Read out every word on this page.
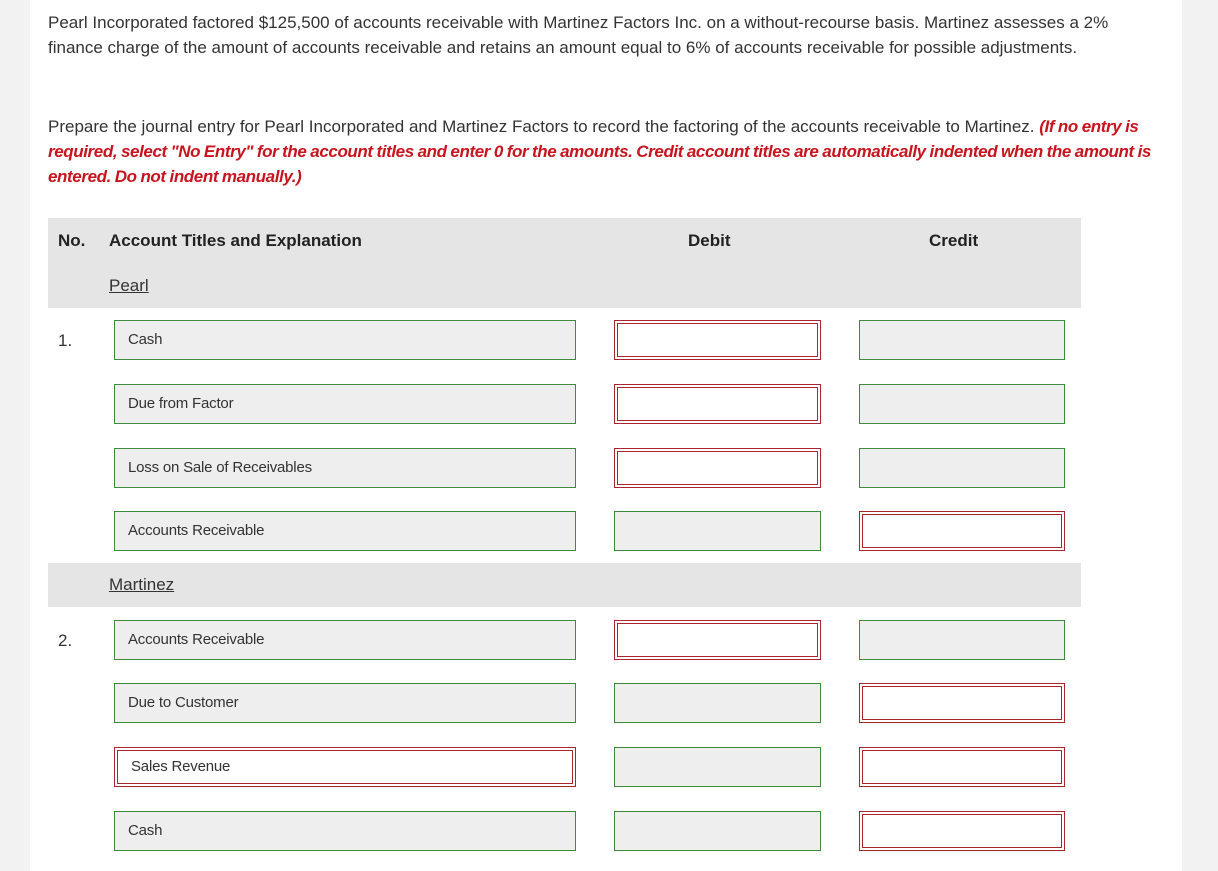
Pearl Incorporated factored $125,500 of accounts receivable with Martinez Factors Inc. on a without-recourse basis. Martinez assesses a 2% finance charge of the amount of accounts receivable and retains an amount equal to 6% of accounts receivable for possible adjustments.

Prepare the journal entry for Pearl Incorporated and Martinez Factors to record the factoring of the accounts receivable to Martinez. (If no entry is required, select "No Entry" for the account titles and enter 0 for the amounts. Credit account titles are automatically indented when the amount is entered. Do not indent manually.)

No. Account Titles and Explanation	Debit	Credit
Pearl
1.	Cash
Due from Factor
Loss on Sale of Receivables
Accounts Receivable
Martinez
2.	Accounts Receivable
Due to Customer
Sales Revenue
Cash
